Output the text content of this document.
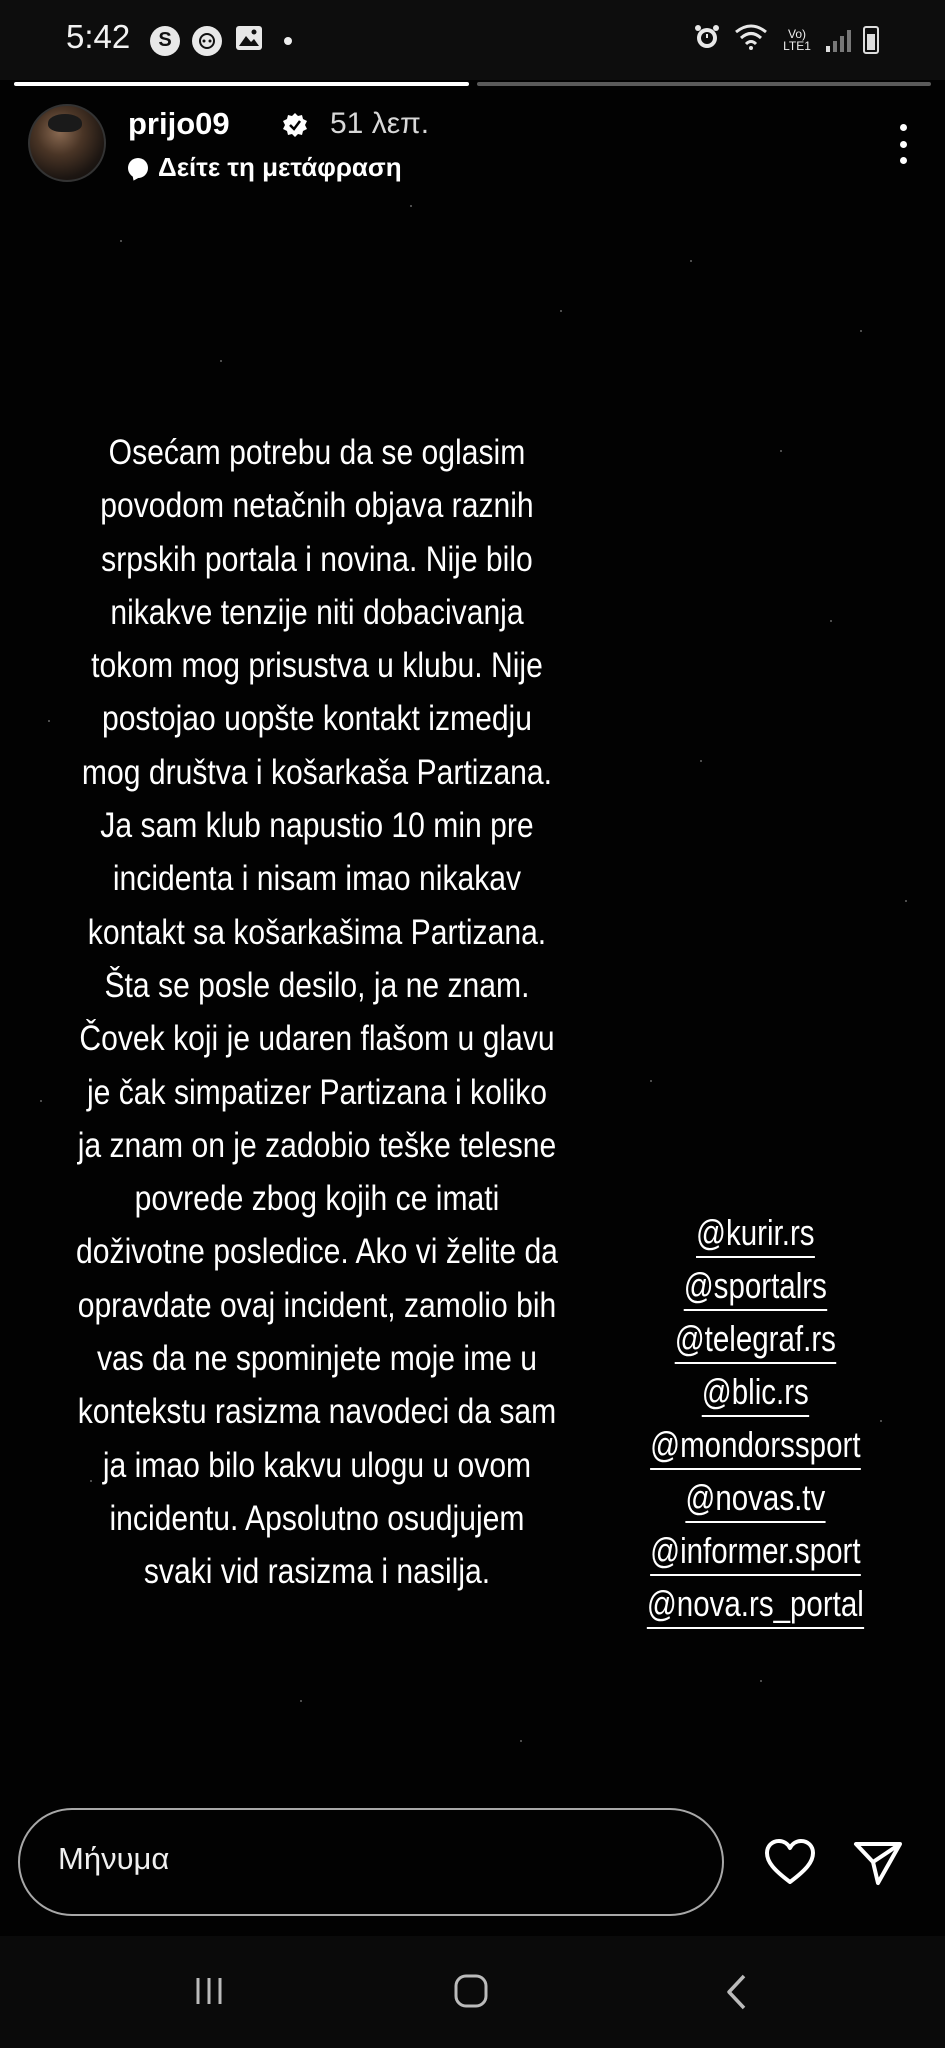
5:42	S	Vo) LTE1
prijo09	51 λεπ.
Δείτε τη μετάφραση
Osećam potrebu da se oglasim
povodom netačnih objava raznih
srpskih portala i novina. Nije bilo
nikakve tenzije niti dobacivanja
tokom mog prisustva u klubu. Nije
postojao uopšte kontakt izmedju
mog društva i košarkaša Partizana.
Ja sam klub napustio 10 min pre
incidenta i nisam imao nikakav
kontakt sa košarkašima Partizana.
Šta se posle desilo, ja ne znam.
Čovek koji je udaren flašom u glavu
je čak simpatizer Partizana i koliko
ja znam on je zadobio teške telesne
povrede zbog kojih ce imati
doživotne posledice. Ako vi želite da
opravdate ovaj incident, zamolio bih
vas da ne spominjete moje ime u
kontekstu rasizma navodeci da sam
ja imao bilo kakvu ulogu u ovom
incidentu. Apsolutno osudjujem
svaki vid rasizma i nasilja.
@kurir.rs
@sportalrs
@telegraf.rs
@blic.rs
@mondorssport
@novas.tv
@informer.sport
@nova.rs_portal
Μήνυμα
